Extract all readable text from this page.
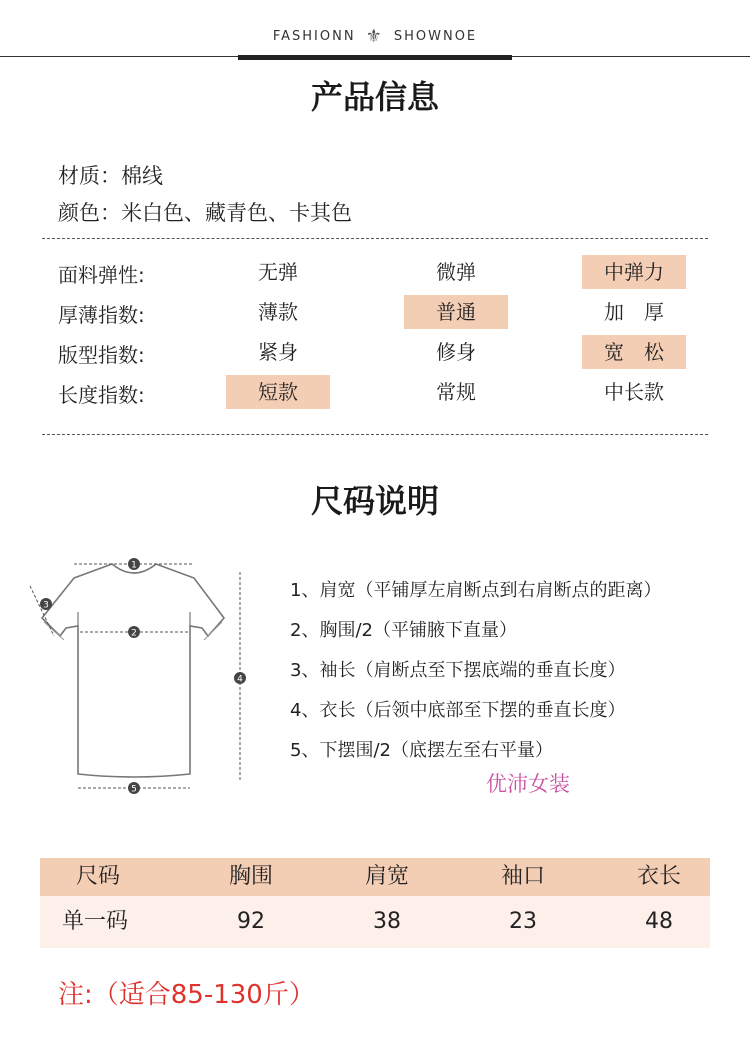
FASHIONN ⚜ SHOWNOE
产品信息
材质：棉线
颜色：米白色、藏青色、卡其色
面料弹性:	无弹	微弹	中弹力
厚薄指数:	薄款	普通	加　厚
版型指数:	紧身	修身	宽　松
长度指数:	短款	常规	中长款
尺码说明
1
2
3
4
5
1、肩宽（平铺厚左肩断点到右肩断点的距离）
2、胸围/2（平铺腋下直量）
3、袖长（肩断点至下摆底端的垂直长度）
4、衣长（后领中底部至下摆的垂直长度）
5、下摆围/2（底摆左至右平量）
优沛女装
尺码	胸围	肩宽	袖口	衣长
单一码	92	38	23	48
注:（适合85-130斤）
